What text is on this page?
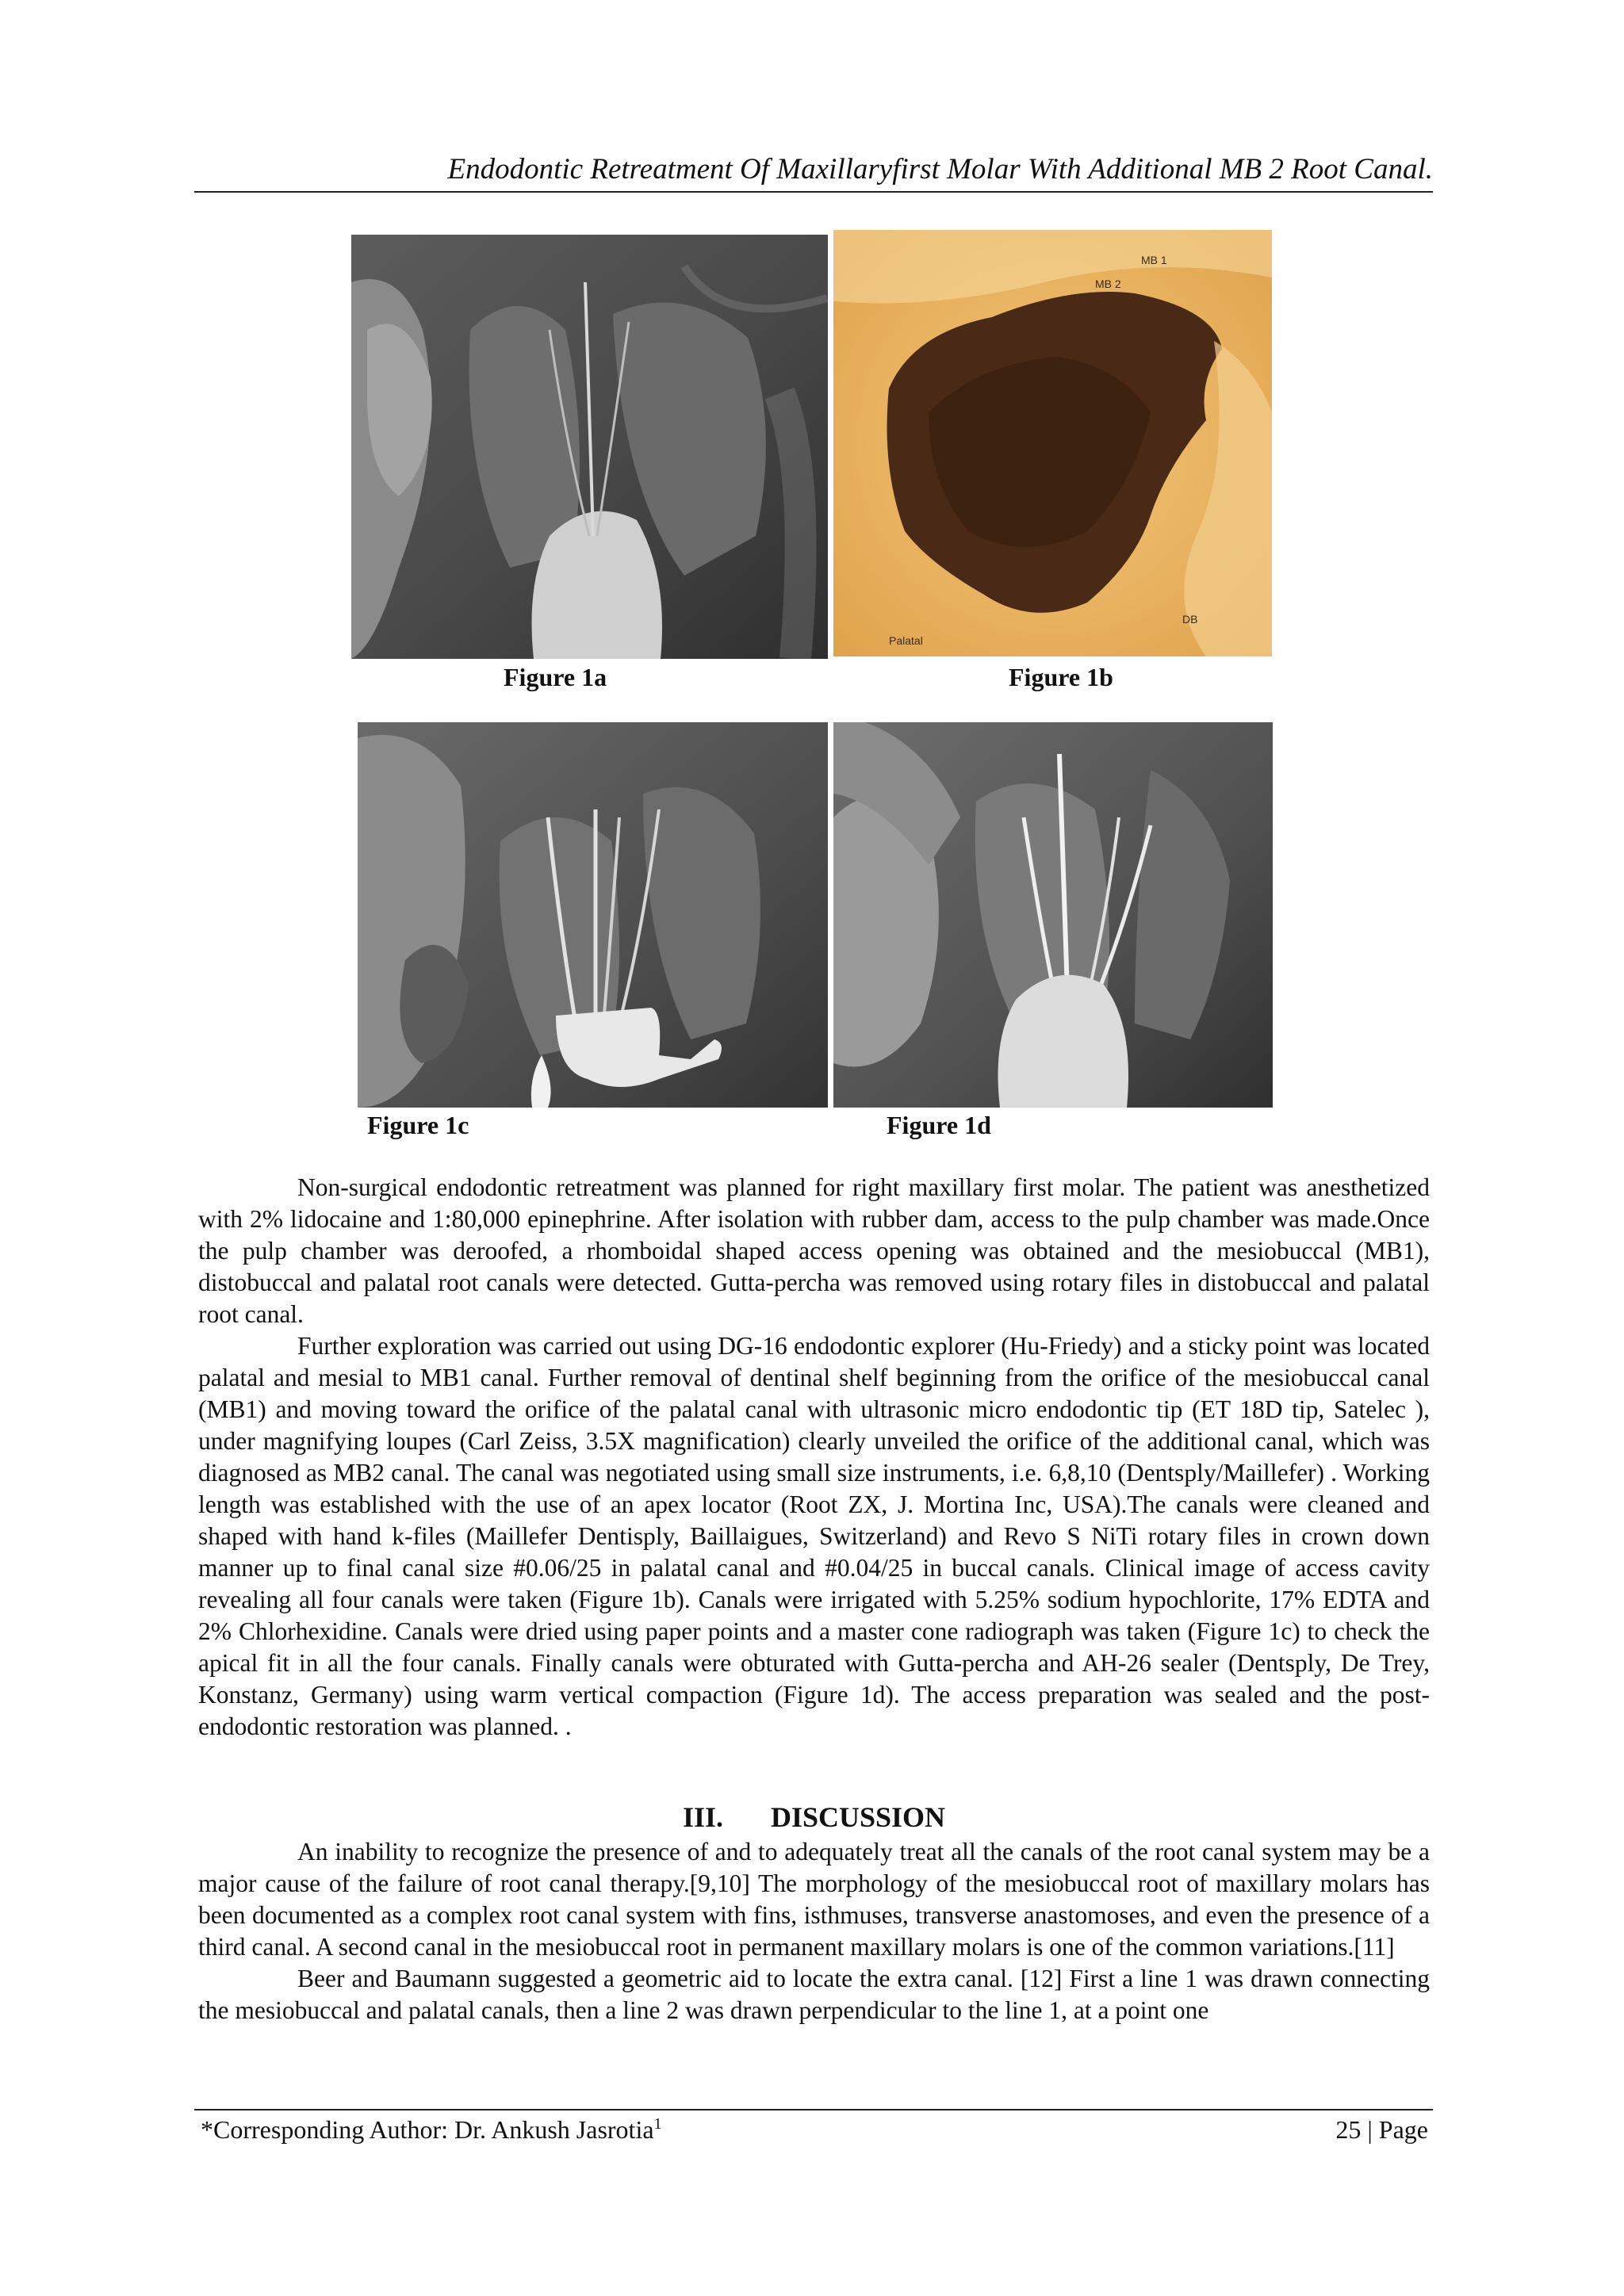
Endodontic Retreatment Of Maxillaryfirst Molar With Additional MB 2 Root Canal.
Figure 1a
MB 1
MB 2
DB
Palatal
Figure 1b
Figure 1c	Figure 1d

Non-surgical endodontic retreatment was planned for right maxillary first molar. The patient was anesthetized with 2% lidocaine and 1:80,000 epinephrine. After isolation with rubber dam, access to the pulp chamber was made.Once the pulp chamber was deroofed, a rhomboidal shaped access opening was obtained and the mesiobuccal (MB1), distobuccal and palatal root canals were detected. Gutta-percha was removed using rotary files in distobuccal and palatal root canal.

Further exploration was carried out using DG-16 endodontic explorer (Hu-Friedy) and a sticky point was located palatal and mesial to MB1 canal. Further removal of dentinal shelf beginning from the orifice of the mesiobuccal canal (MB1) and moving toward the orifice of the palatal canal with ultrasonic micro endodontic tip (ET 18D tip, Satelec ), under magnifying loupes (Carl Zeiss, 3.5X magnification) clearly unveiled the orifice of the additional canal, which was diagnosed as MB2 canal. The canal was negotiated using small size instruments, i.e. 6,8,10 (Dentsply/Maillefer) . Working length was established with the use of an apex locator (Root ZX, J. Mortina Inc, USA).The canals were cleaned and shaped with hand k-files (Maillefer Dentisply, Baillaigues, Switzerland) and Revo S NiTi rotary files in crown down manner up to final canal size #0.06/25 in palatal canal and #0.04/25 in buccal canals. Clinical image of access cavity revealing all four canals were taken (Figure 1b). Canals were irrigated with 5.25% sodium hypochlorite, 17% EDTA and 2% Chlorhexidine. Canals were dried using paper points and a master cone radiograph was taken (Figure 1c) to check the apical fit in all the four canals. Finally canals were obturated with Gutta-percha and AH-26 sealer (Dentsply, De Trey, Konstanz, Germany) using warm vertical compaction (Figure 1d). The access preparation was sealed and the post-endodontic restoration was planned. .

III. DISCUSSION

An inability to recognize the presence of and to adequately treat all the canals of the root canal system may be a major cause of the failure of root canal therapy.[9,10] The morphology of the mesiobuccal root of maxillary molars has been documented as a complex root canal system with fins, isthmuses, transverse anastomoses, and even the presence of a third canal. A second canal in the mesiobuccal root in permanent maxillary molars is one of the common variations.[11]

Beer and Baumann suggested a geometric aid to locate the extra canal. [12] First a line 1 was drawn connecting the mesiobuccal and palatal canals, then a line 2 was drawn perpendicular to the line 1, at a point one

*Corresponding Author: Dr. Ankush Jasrotia$^1$	25 | Page
